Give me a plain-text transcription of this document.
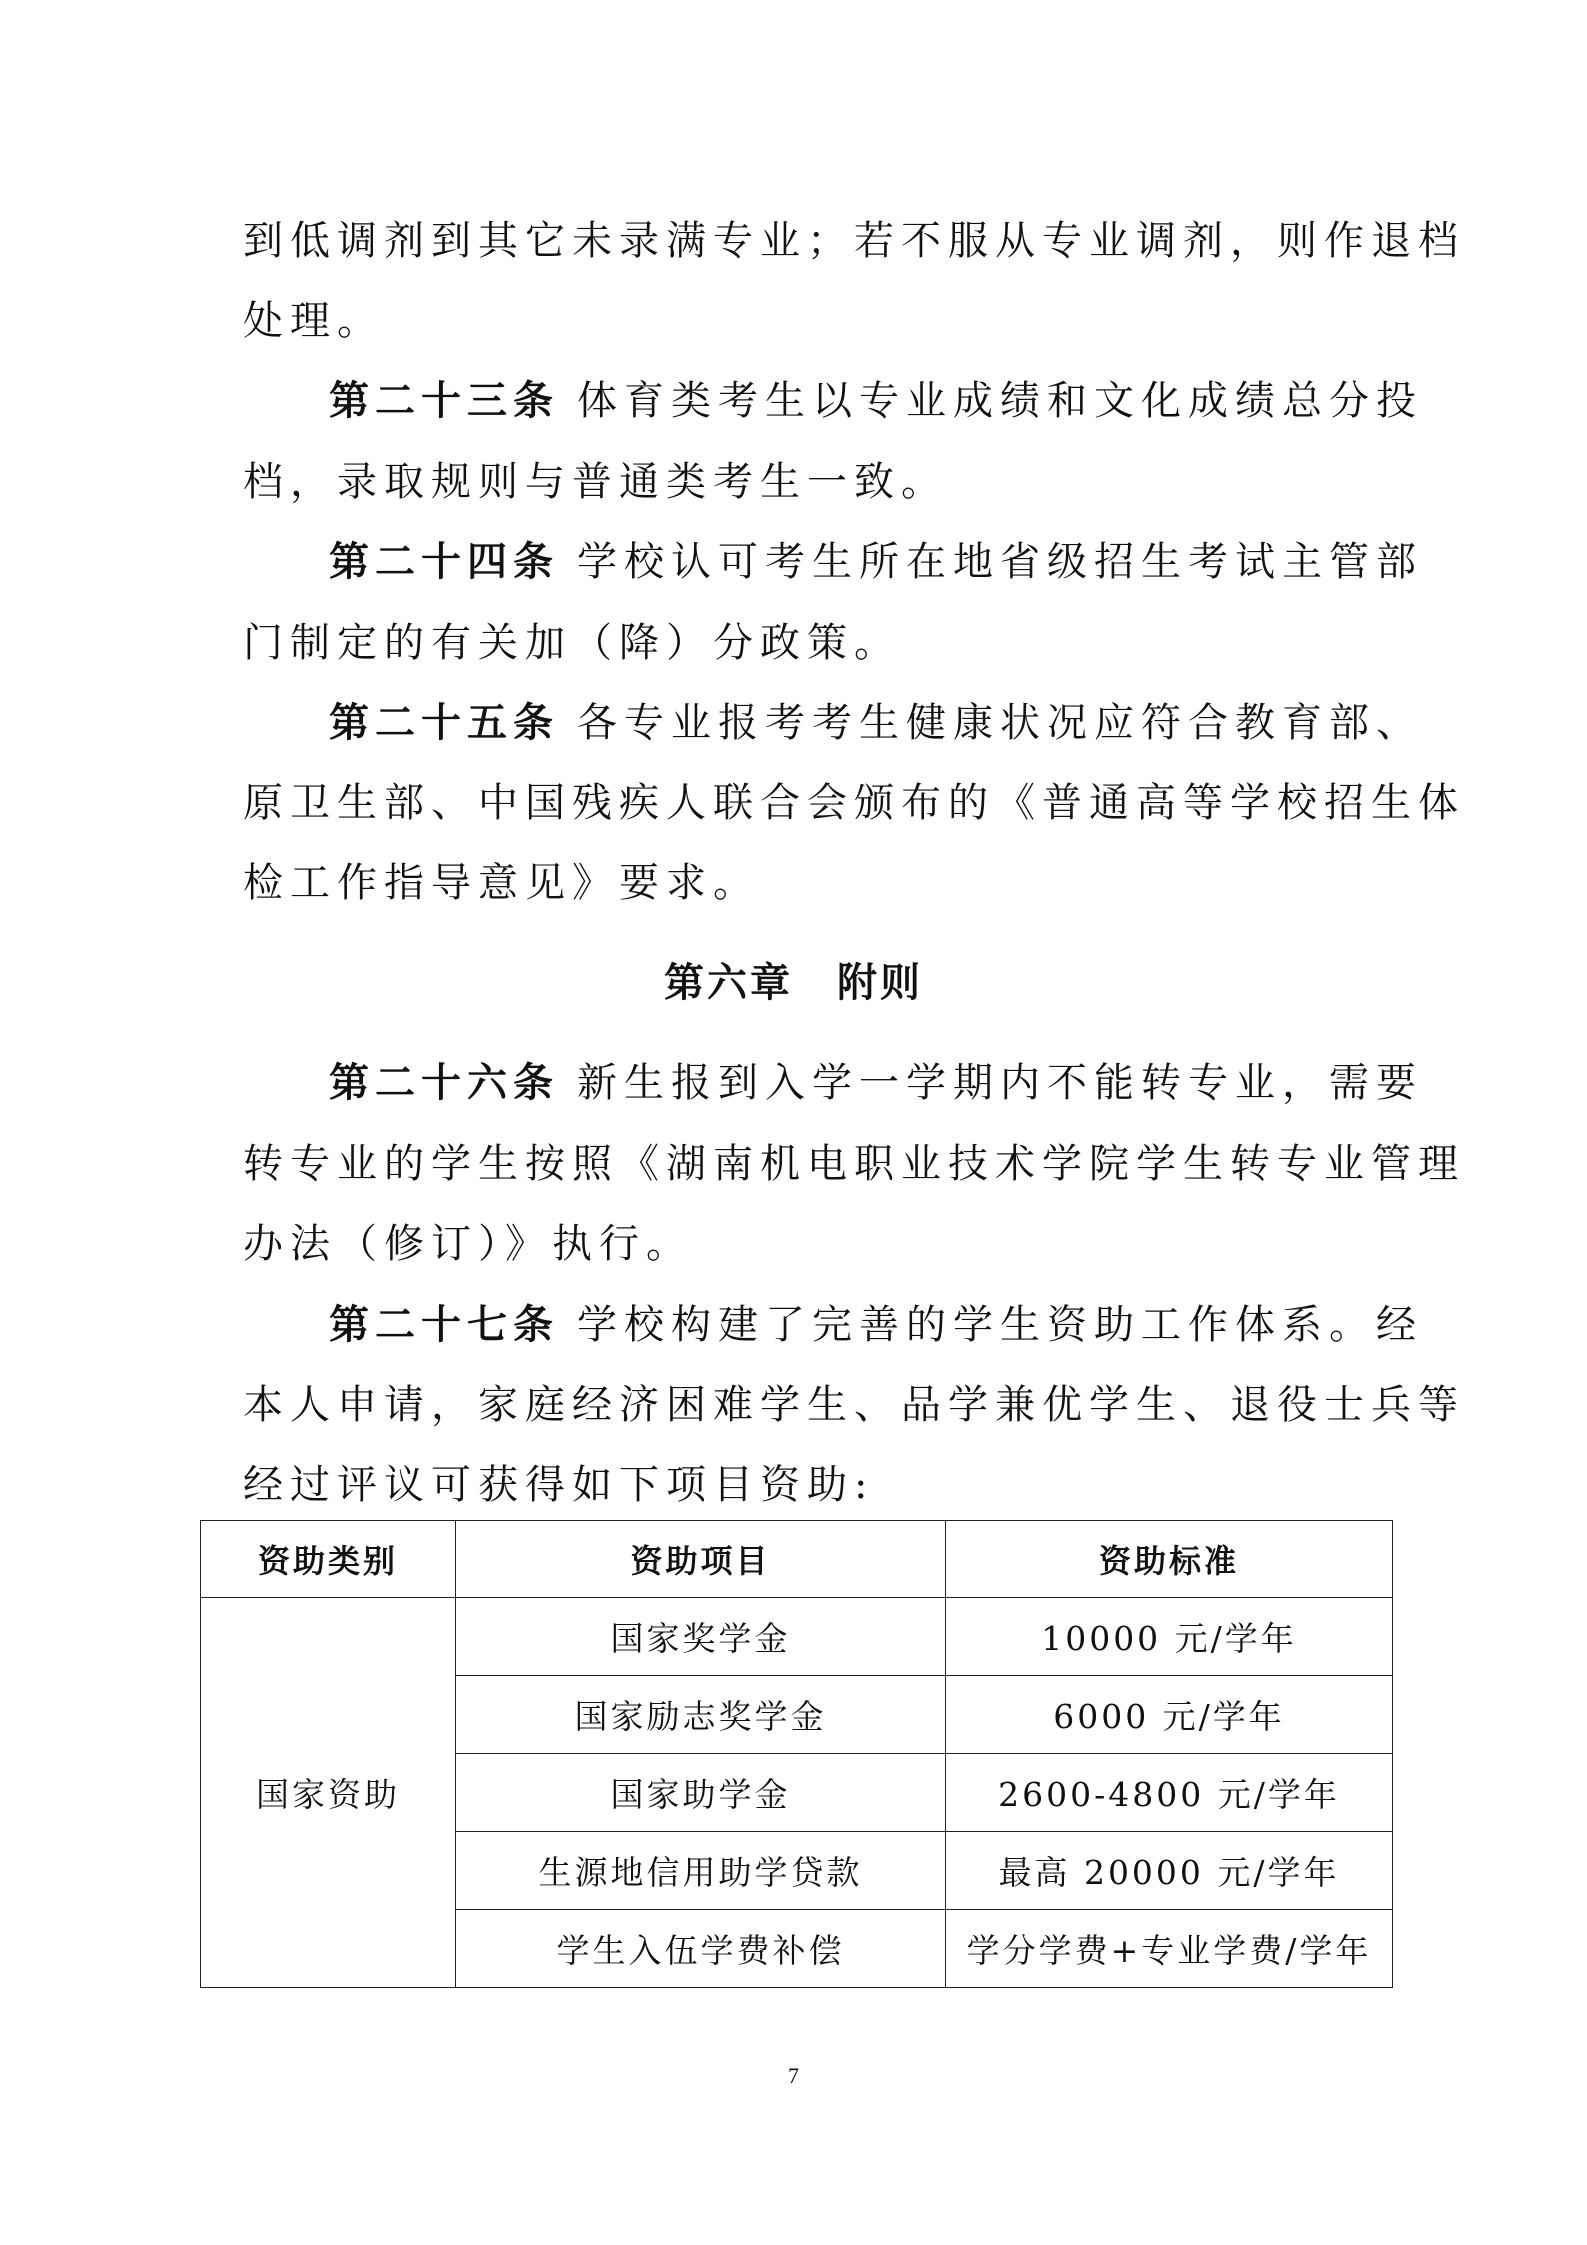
到低调剂到其它未录满专业；若不服从专业调剂，则作退档
处理。
第二十三条 体育类考生以专业成绩和文化成绩总分投
档，录取规则与普通类考生一致。
第二十四条 学校认可考生所在地省级招生考试主管部
门制定的有关加（降）分政策。
第二十五条 各专业报考考生健康状况应符合教育部、
原卫生部、中国残疾人联合会颁布的《普通高等学校招生体
检工作指导意见》要求。
第六章 附则
第二十六条 新生报到入学一学期内不能转专业，需要
转专业的学生按照《湖南机电职业技术学院学生转专业管理
办法（修订）》执行。
第二十七条 学校构建了完善的学生资助工作体系。经
本人申请，家庭经济困难学生、品学兼优学生、退役士兵等
经过评议可获得如下项目资助:
资助类别	资助项目	资助标准
国家资助	国家奖学金	10000 元/学年
	国家励志奖学金	6000 元/学年
	国家助学金	2600-4800 元/学年
	生源地信用助学贷款	最高 20000 元/学年
	学生入伍学费补偿	学分学费+专业学费/学年
7
